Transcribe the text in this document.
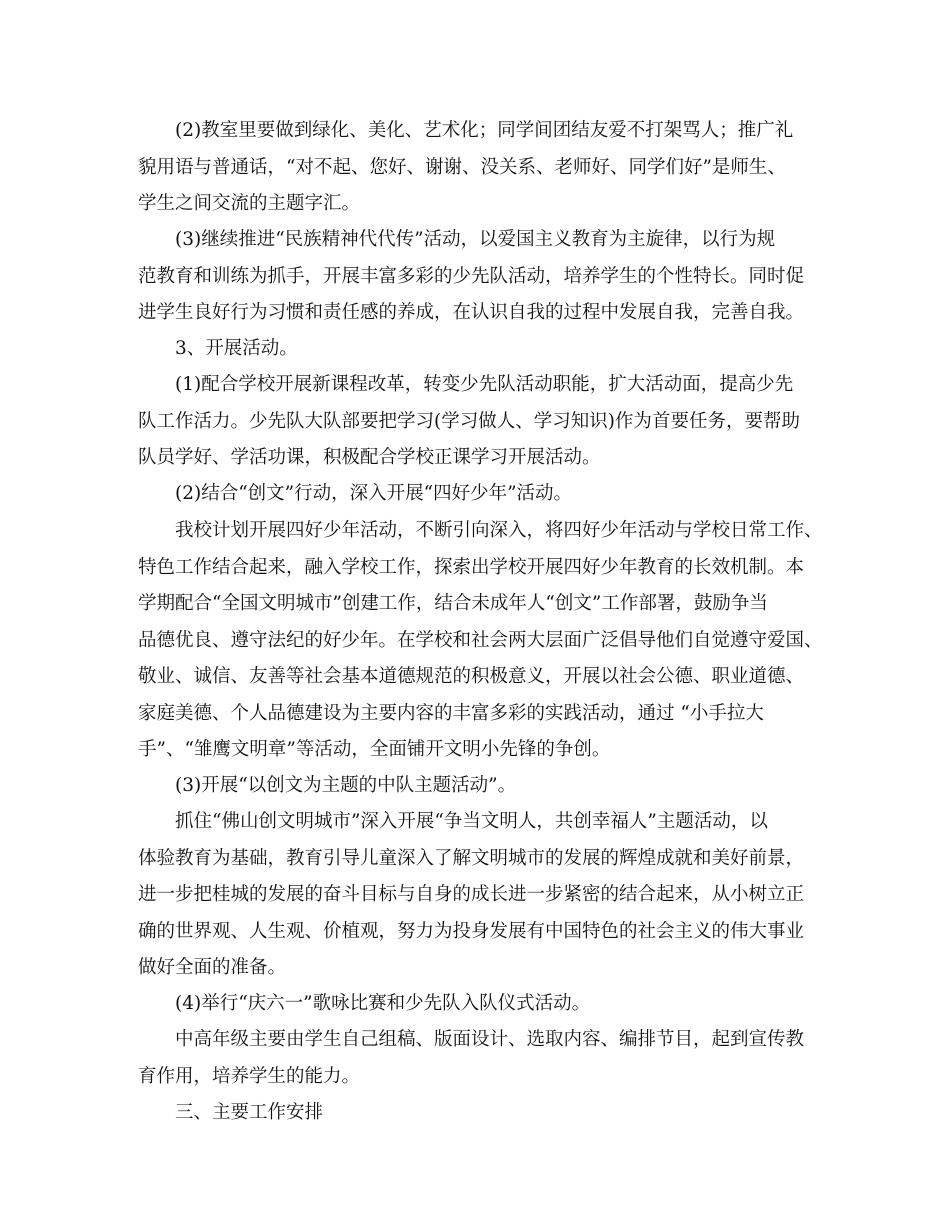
(2)教室里要做到绿化、美化、艺术化；同学间团结友爱不打架骂人；推广礼
貌用语与普通话，“对不起、您好、谢谢、没关系、老师好、同学们好”是师生、
学生之间交流的主题字汇。
(3)继续推进“民族精神代代传”活动，以爱国主义教育为主旋律，以行为规
范教育和训练为抓手，开展丰富多彩的少先队活动，培养学生的个性特长。同时促
进学生良好行为习惯和责任感的养成，在认识自我的过程中发展自我，完善自我。
3、开展活动。
(1)配合学校开展新课程改革，转变少先队活动职能，扩大活动面，提高少先
队工作活力。少先队大队部要把学习(学习做人、学习知识)作为首要任务，要帮助
队员学好、学活功课，积极配合学校正课学习开展活动。
(2)结合“创文”行动，深入开展“四好少年”活动。
我校计划开展四好少年活动，不断引向深入，将四好少年活动与学校日常工作、
特色工作结合起来，融入学校工作，探索出学校开展四好少年教育的长效机制。本
学期配合“全国文明城市”创建工作，结合未成年人“创文”工作部署，鼓励争当
品德优良、遵守法纪的好少年。在学校和社会两大层面广泛倡导他们自觉遵守爱国、
敬业、诚信、友善等社会基本道德规范的积极意义，开展以社会公德、职业道德、
家庭美德、个人品德建设为主要内容的丰富多彩的实践活动，通过 “小手拉大
手”、“雏鹰文明章”等活动，全面铺开文明小先锋的争创。
(3)开展“以创文为主题的中队主题活动”。
抓住“佛山创文明城市”深入开展“争当文明人，共创幸福人”主题活动，以
体验教育为基础，教育引导儿童深入了解文明城市的发展的辉煌成就和美好前景，
进一步把桂城的发展的奋斗目标与自身的成长进一步紧密的结合起来，从小树立正
确的世界观、人生观、价植观，努力为投身发展有中国特色的社会主义的伟大事业
做好全面的准备。
(4)举行“庆六一”歌咏比赛和少先队入队仪式活动。
中高年级主要由学生自己组稿、版面设计、选取内容、编排节目，起到宣传教
育作用，培养学生的能力。
三、主要工作安排
